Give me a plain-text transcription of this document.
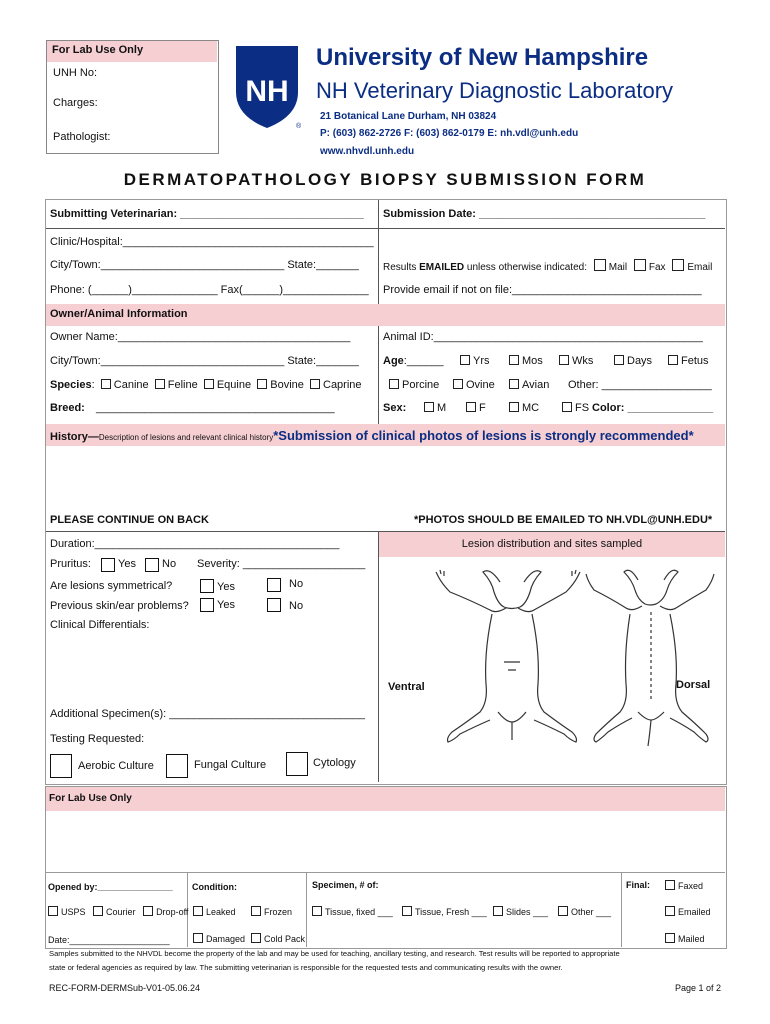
For Lab Use Only
UNH No:
Charges:
Pathologist:
NH
®
University of New Hampshire
NH Veterinary Diagnostic Laboratory
21 Botanical Lane Durham, NH 03824
P: (603) 862-2726 F: (603) 862-0179 E: nh.vdl@unh.edu
www.nhvdl.unh.edu
DERMATOPATHOLOGY BIOPSY SUBMISSION FORM
Submitting Veterinarian: ______________________________ Submission Date: _____________________________________
Clinic/Hospital:_________________________________________
City/Town:______________________________ State:_______ Results EMAILED unless otherwise indicated: Mail Fax Email
Phone: (______)______________ Fax(______)______________ Provide email if not on file:_______________________________
Owner/Animal Information
Owner Name:______________________________________	Animal ID:____________________________________________
City/Town:______________________________ State:_______ Age:______	Yrs	Mos	Wks	Days	Fetus
Species:  Canine Feline Equine Bovine Caprine	Porcine	Ovine	Avian Other: __________________
Breed: _______________________________________	Sex:	M	F	MC	FS Color: ______________
History—Description of lesions and relevant clinical history*Submission of clinical photos of lesions is strongly recommended*
PLEASE CONTINUE ON BACK	*PHOTOS SHOULD BE EMAILED TO NH.VDL@UNH.EDU*
Duration:________________________________________
Pruritus: Yes No Severity: ____________________
Are lesions symmetrical?	Yes	No
Previous skin/ear problems?	Yes	No
Clinical Differentials:
Additional Specimen(s): ________________________________
Testing Requested:
Aerobic Culture	Fungal Culture	Cytology
Lesion distribution and sites sampled
Ventral	Dorsal
For Lab Use Only
Opened by:_______________
USPS Courier Drop-off
Date:____________________
Condition:
Leaked	Frozen
Damaged	Cold Pack
Specimen, # of:
Tissue, fixed ___	Tissue, Fresh ___	Slides ___	Other ___
Final:	Faxed
Emailed
Mailed
Samples submitted to the NHVDL become the property of the lab and may be used for teaching, ancillary testing, and research. Test results will be reported to appropriate
state or federal agencies as required by law. The submitting veterinarian is responsible for the requested tests and communicating results with the owner.
REC-FORM-DERMSub-V01-05.06.24	Page 1 of 2
